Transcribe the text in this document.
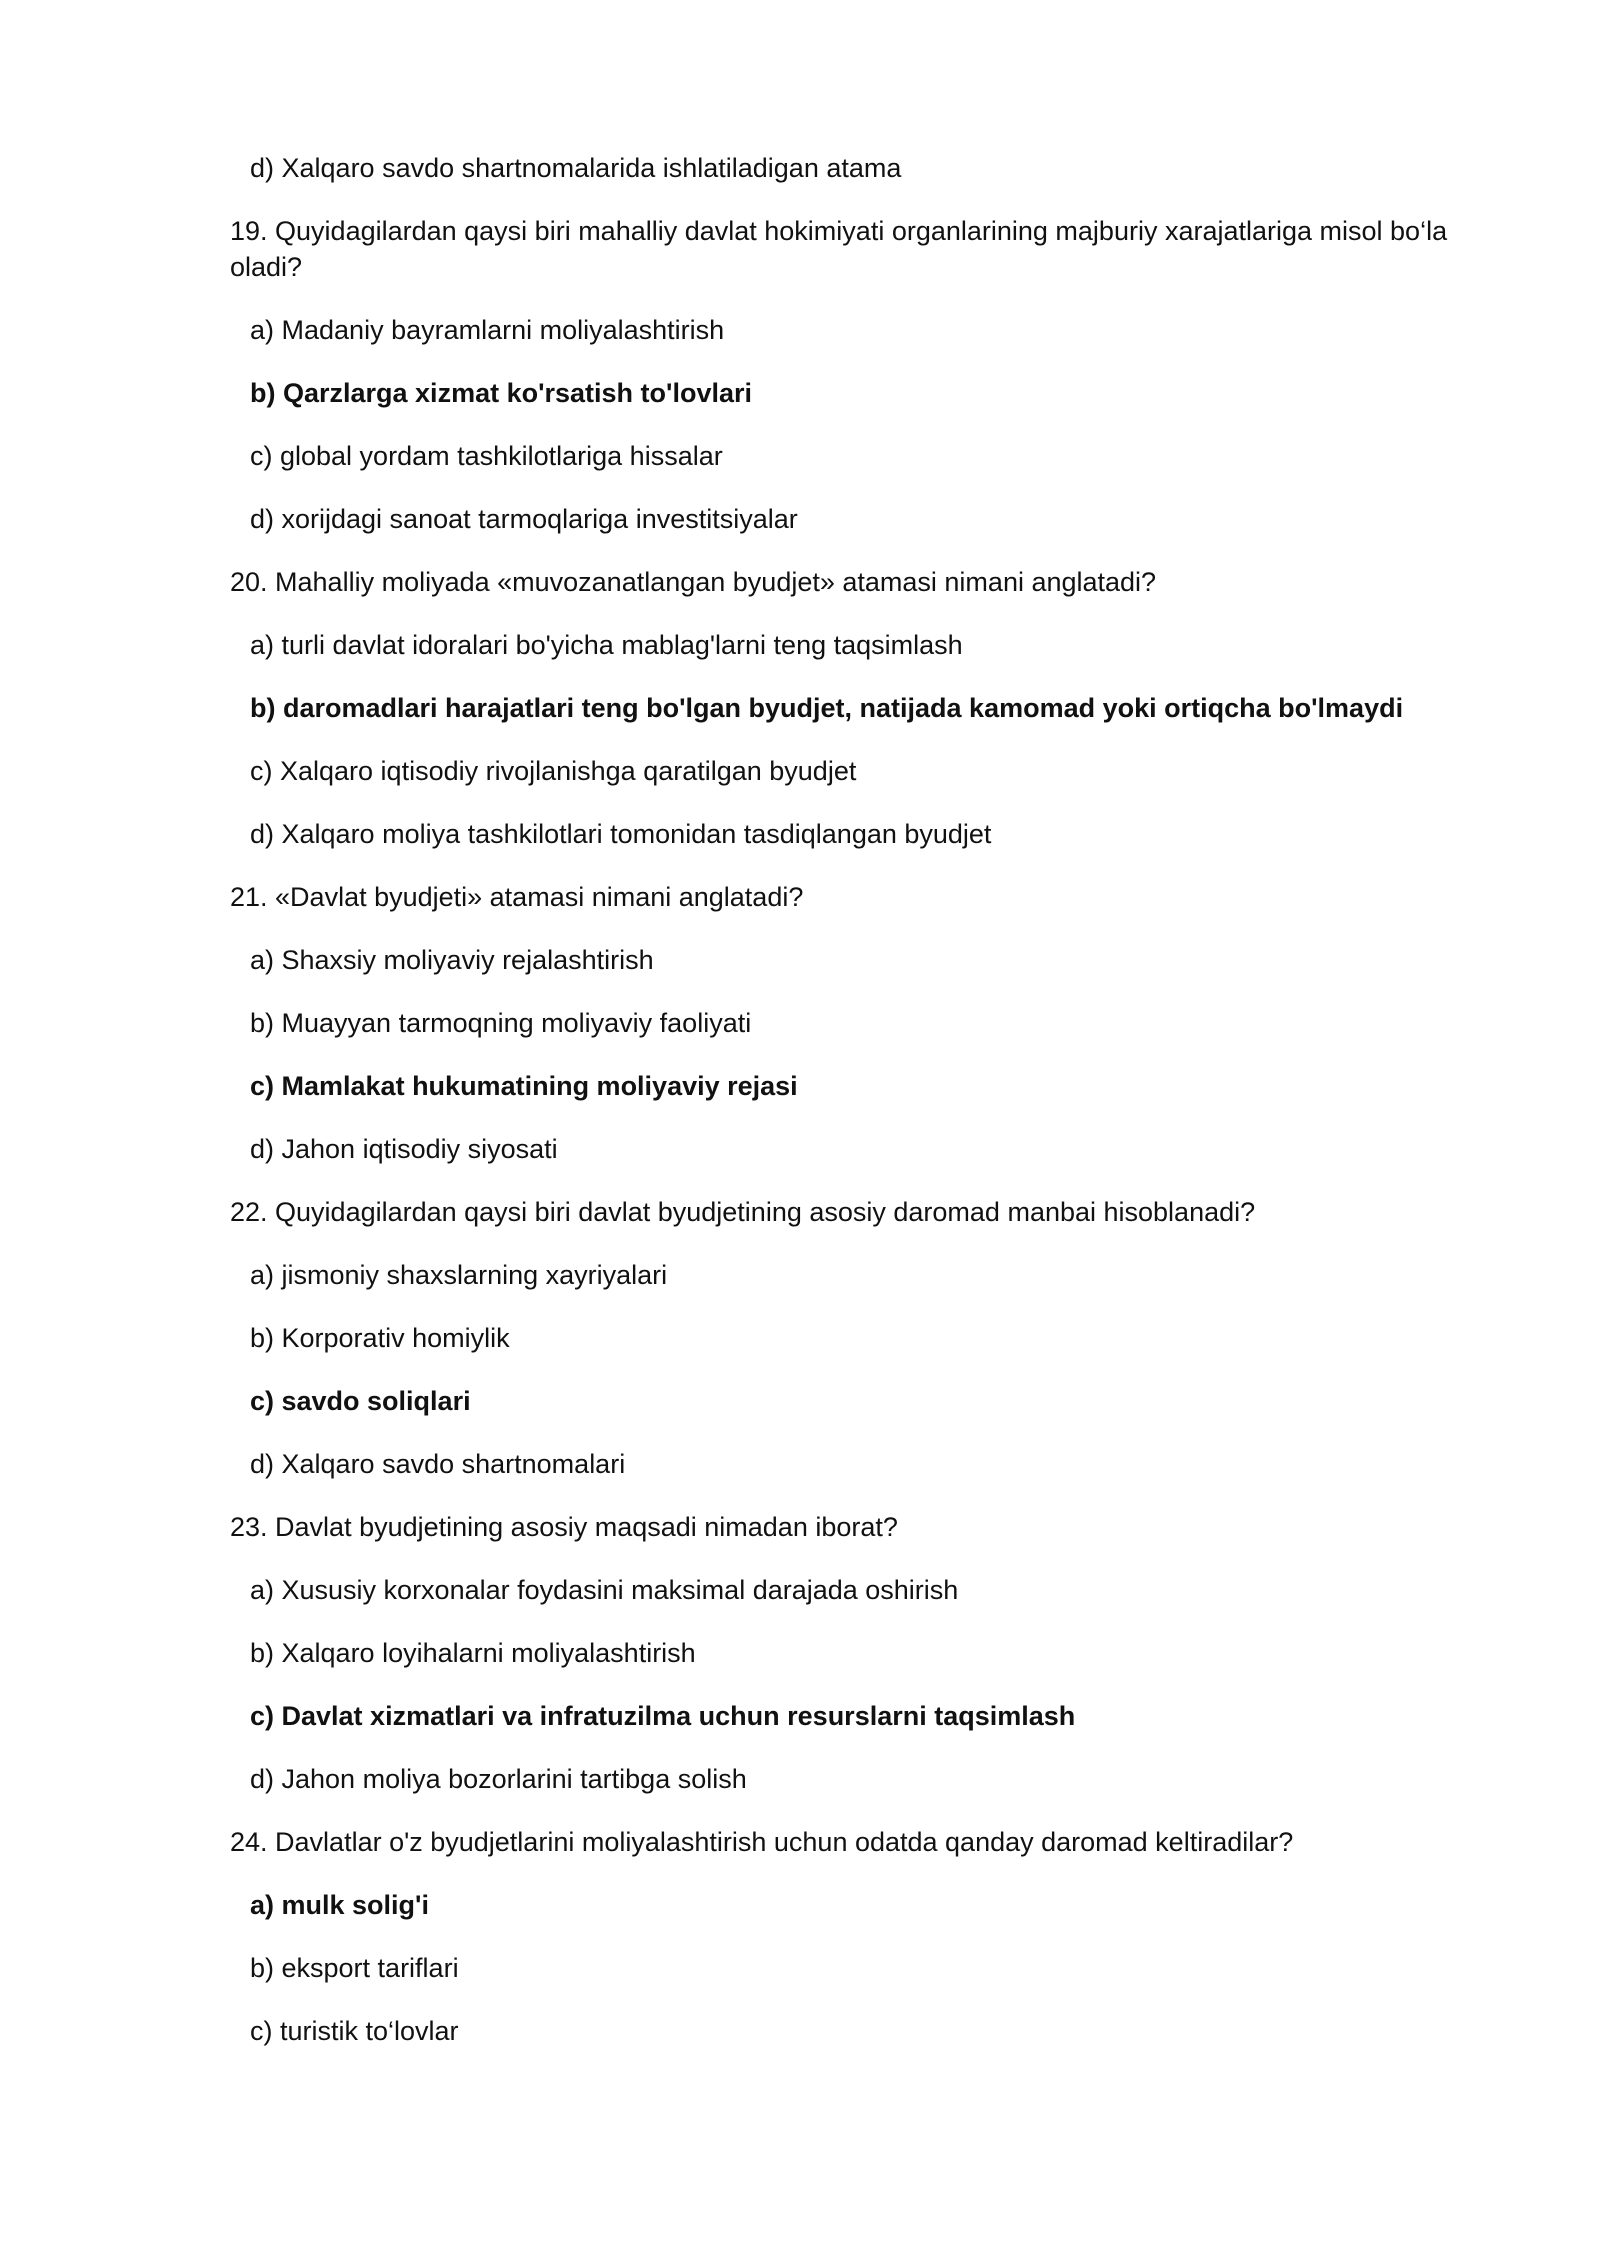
d) Xalqaro savdo shartnomalarida ishlatiladigan atama

19. Quyidagilardan qaysi biri mahalliy davlat hokimiyati organlarining majburiy xarajatlariga misol bo‘la oladi?

a) Madaniy bayramlarni moliyalashtirish

b) Qarzlarga xizmat ko'rsatish to'lovlari

c) global yordam tashkilotlariga hissalar

d) xorijdagi sanoat tarmoqlariga investitsiyalar

20. Mahalliy moliyada «muvozanatlangan byudjet» atamasi nimani anglatadi?

a) turli davlat idoralari bo'yicha mablag'larni teng taqsimlash

b) daromadlari harajatlari teng bo'lgan byudjet, natijada kamomad yoki ortiqcha bo'lmaydi

c) Xalqaro iqtisodiy rivojlanishga qaratilgan byudjet

d) Xalqaro moliya tashkilotlari tomonidan tasdiqlangan byudjet

21. «Davlat byudjeti» atamasi nimani anglatadi?

a) Shaxsiy moliyaviy rejalashtirish

b) Muayyan tarmoqning moliyaviy faoliyati

c) Mamlakat hukumatining moliyaviy rejasi

d) Jahon iqtisodiy siyosati

22. Quyidagilardan qaysi biri davlat byudjetining asosiy daromad manbai hisoblanadi?

a) jismoniy shaxslarning xayriyalari

b) Korporativ homiylik

c) savdo soliqlari

d) Xalqaro savdo shartnomalari

23. Davlat byudjetining asosiy maqsadi nimadan iborat?

a) Xususiy korxonalar foydasini maksimal darajada oshirish

b) Xalqaro loyihalarni moliyalashtirish

c) Davlat xizmatlari va infratuzilma uchun resurslarni taqsimlash

d) Jahon moliya bozorlarini tartibga solish

24. Davlatlar o'z byudjetlarini moliyalashtirish uchun odatda qanday daromad keltiradilar?

a) mulk solig'i

b) eksport tariflari

c) turistik to‘lovlar
